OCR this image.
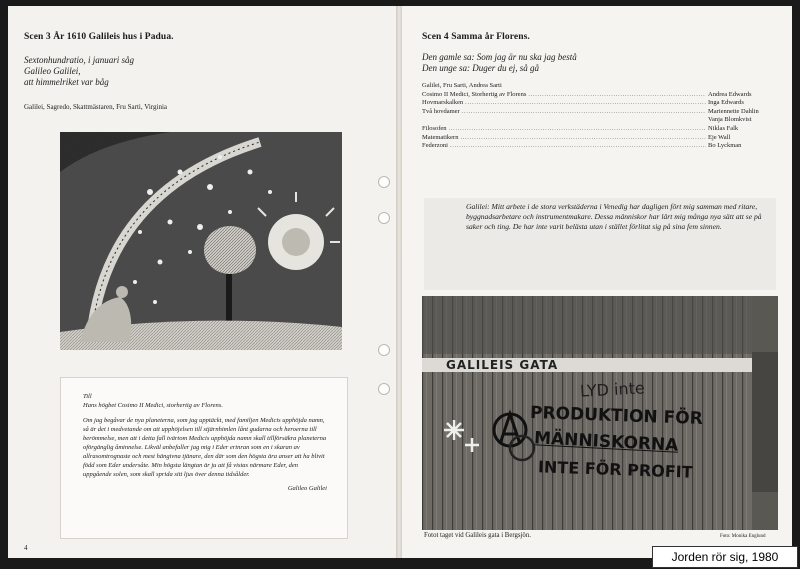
Scen 3 År 1610 Galileis hus i Padua.
Sextonhundratio, i januari såg
Galileo Galilei,
att himmelriket var båg
Galilei, Sagredo, Skattmästaren, Fru Sarti, Virginia

Till

Hans högbet Cosimo II Medici, storhertig av Florens.

Om jag begåvar de nya planeterna, som jag upptäckt, med familjen Medicis upphöjda namn, så är det i medvetande om att upphöjelsen till stjärnhimlen lånt gudarna och heroerna till berömmelse, men att i detta fall tvärtom Medicis upphöjda namn skall tillförsäkra planeterna oförgänglig åminnelse. Likväl anbefaller jag mig i Eder erinran som en i skaran av allrasomtrognaste och mest hängivna tjänare, den där som den högsta ära anser att ha blivit född som Eder undersåte. Min högsta längtan är ju att få vistas närmare Eder, den uppgående solen, som skall sprida sitt ljus över denna tidsålder.

Galileo Galilei

4
Scen 4 Samma år Florens.
Den gamle sa: Som jag är nu ska jag bestå
Den unge sa: Duger du ej, så gå
Galilei, Fru Sarti, Andrea Sarti
Cosimo II Medici, Storhertig av Florens .....	Andrea Edwards
Hovmarskalken .....	Inga Edwards
Två hovdamer .....	Mariennette Dahlin
Vanja Blomkvist
Filosofen .....	Niklas Falk
Matematikern .....	Eje Wall
Federzoni .....	Bo Lyckman
Galilei: Mitt arbete i de stora verkstäderna i Venedig har dagligen fört mig samman med ritare, byggnadsarbetare och instrumentmakare. Dessa människor har lärt mig många nya sätt att se på saker och ting. De har inte varit belästa utan i stället förlitat sig på sina fem sinnen.
GALILEIS GATA
LYD inte
PRODUKTION FÖR
MÄNNISKORNA
INTE FÖR PROFIT
Fotot taget vid Galileis gata i Bergsjön.	Foto: Monika Englund
Jorden rör sig, 1980
